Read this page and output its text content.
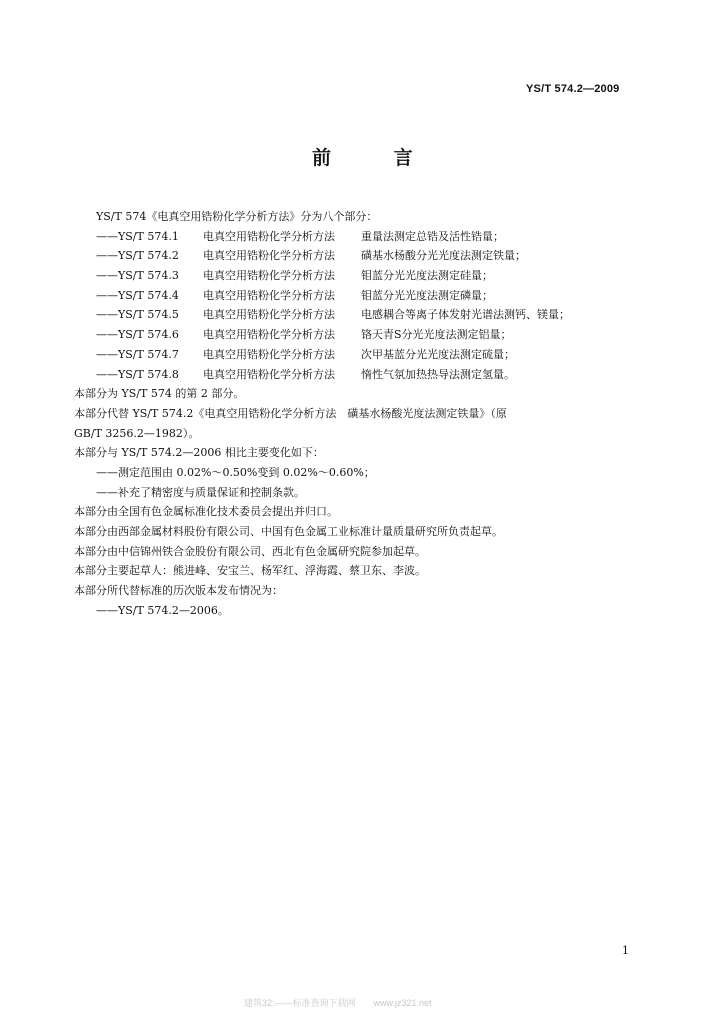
YS/T 574.2—2009
前 言
YS/T 574《电真空用锆粉化学分析方法》分为八个部分：
——YS/T 574.1	电真空用锆粉化学分析方法	重量法测定总锆及活性锆量；
——YS/T 574.2	电真空用锆粉化学分析方法	磺基水杨酸分光光度法测定铁量；
——YS/T 574.3	电真空用锆粉化学分析方法	钼蓝分光光度法测定硅量；
——YS/T 574.4	电真空用锆粉化学分析方法	钼蓝分光光度法测定磷量；
——YS/T 574.5	电真空用锆粉化学分析方法	电感耦合等离子体发射光谱法测钙、镁量；
——YS/T 574.6	电真空用锆粉化学分析方法	铬天青S分光光度法测定铝量；
——YS/T 574.7	电真空用锆粉化学分析方法	次甲基蓝分光光度法测定硫量；
——YS/T 574.8	电真空用锆粉化学分析方法	惰性气氛加热热导法测定氢量。
本部分为 YS/T 574 的第 2 部分。
本部分代替 YS/T 574.2《电真空用锆粉化学分析方法　磺基水杨酸光度法测定铁量》（原
GB/T 3256.2—1982）。
本部分与 YS/T 574.2—2006 相比主要变化如下：
——测定范围由 0.02%～0.50%变到 0.02%～0.60%；
——补充了精密度与质量保证和控制条款。
本部分由全国有色金属标准化技术委员会提出并归口。
本部分由西部金属材料股份有限公司、中国有色金属工业标准计量质量研究所负责起草。
本部分由中信锦州铁合金股份有限公司、西北有色金属研究院参加起草。
本部分主要起草人：熊进峰、安宝兰、杨军红、浮海霞、蔡卫东、李波。
本部分所代替标准的历次版本发布情况为：
——YS/T 574.2—2006。
1
建筑32:——标准查询下载网　　www.jz321.net
